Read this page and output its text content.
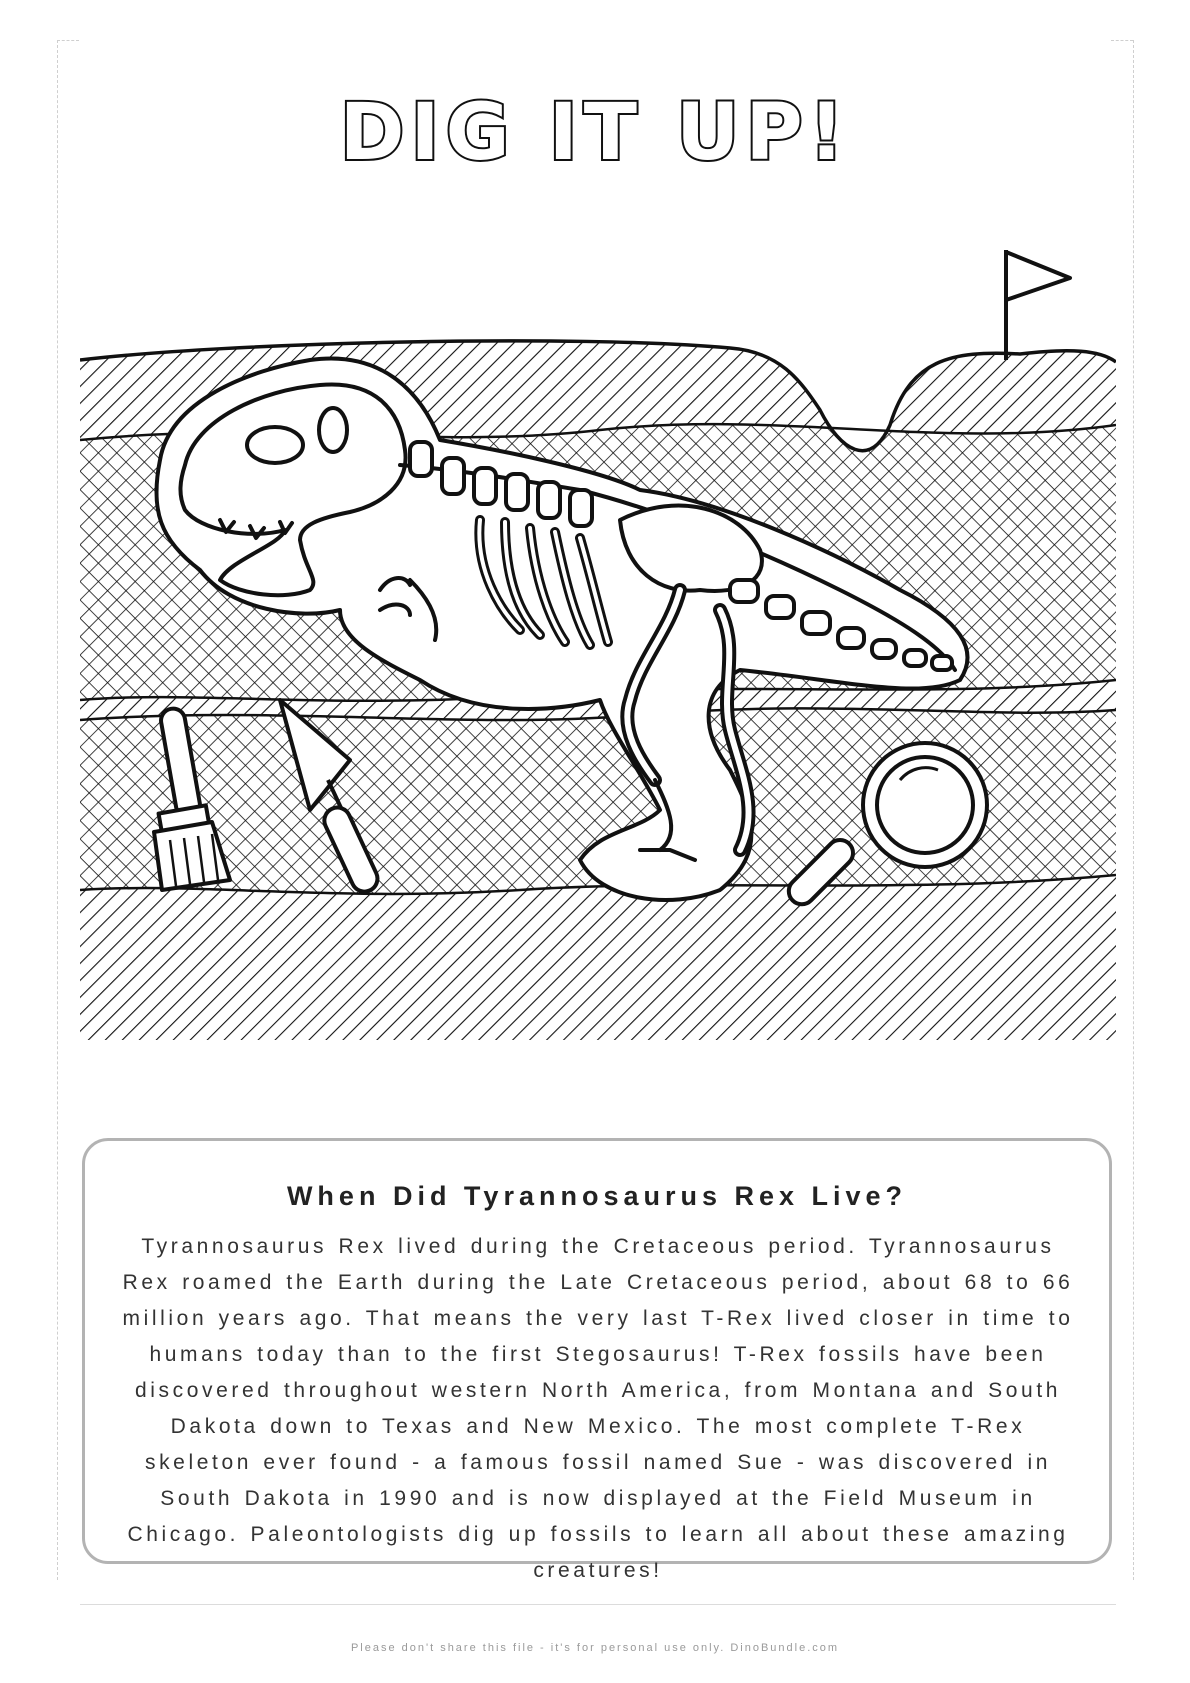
DIG IT UP!
When Did Tyrannosaurus Rex Live?

Tyrannosaurus Rex lived during the Cretaceous period. Tyrannosaurus Rex roamed the Earth during the Late Cretaceous period, about 68 to 66 million years ago. That means the very last T-Rex lived closer in time to humans today than to the first Stegosaurus! T-Rex fossils have been discovered throughout western North America, from Montana and South Dakota down to Texas and New Mexico. The most complete T-Rex skeleton ever found - a famous fossil named Sue - was discovered in South Dakota in 1990 and is now displayed at the Field Museum in Chicago. Paleontologists dig up fossils to learn all about these amazing creatures!

Please don't share this file - it's for personal use only. DinoBundle.com
